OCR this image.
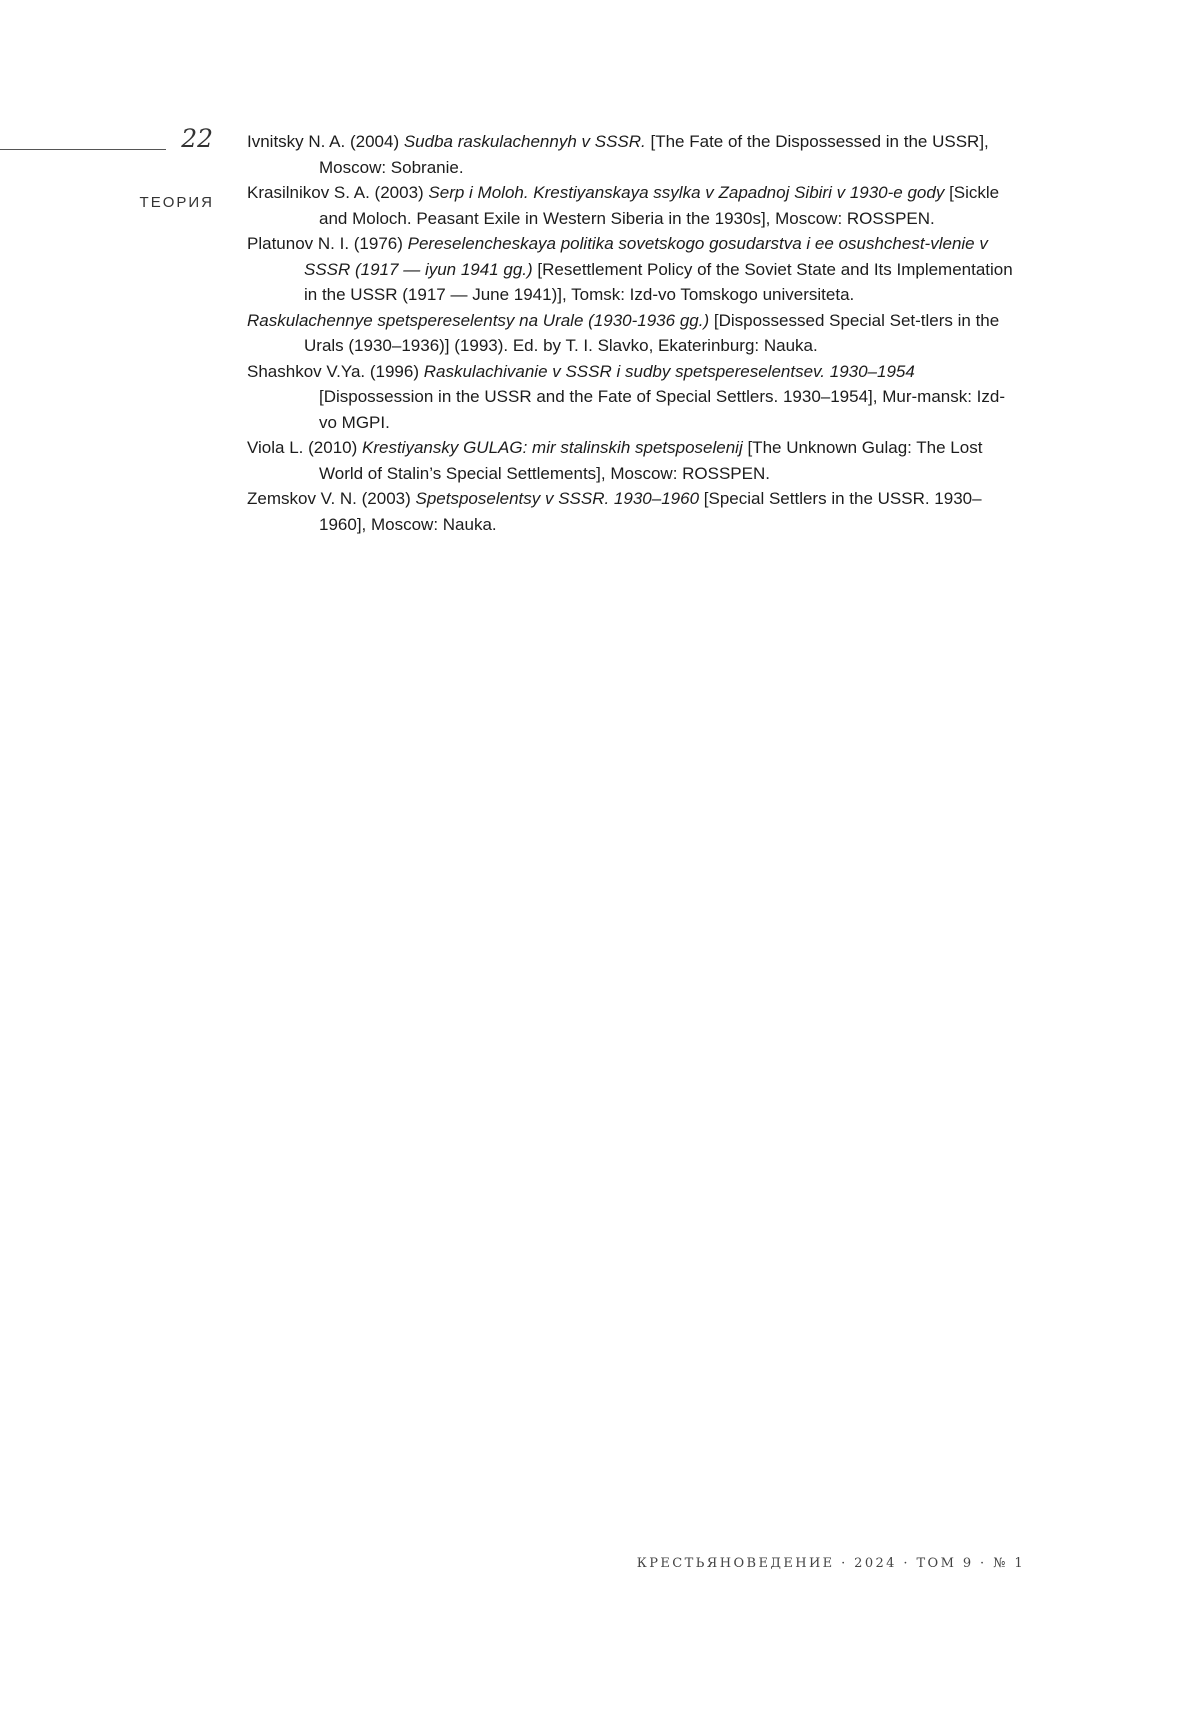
22
ТЕОРИЯ
Ivnitsky N. A. (2004) Sudba raskulachennyh v SSSR. [The Fate of the Dispossessed in the USSR], Moscow: Sobranie.
Krasilnikov S. A. (2003) Serp i Moloh. Krestiyanskaya ssylka v Zapadnoj Sibiri v 1930-e gody [Sickle and Moloch. Peasant Exile in Western Siberia in the 1930s], Moscow: ROSSPEN.
Platunov N. I. (1976) Pereselencheskaya politika sovetskogo gosudarstva i ee osushchest-vlenie v SSSR (1917 — iyun 1941 gg.) [Resettlement Policy of the Soviet State and Its Implementation in the USSR (1917 — June 1941)], Tomsk: Izd-vo Tomskogo universiteta.
Raskulachennye spetspereselentsy na Urale (1930-1936 gg.) [Dispossessed Special Set-tlers in the Urals (1930–1936)] (1993). Ed. by T. I. Slavko, Ekaterinburg: Nauka.
Shashkov V.Ya. (1996) Raskulachivanie v SSSR i sudby spetspereselentsev. 1930–1954 [Dispossession in the USSR and the Fate of Special Settlers. 1930–1954], Mur-mansk: Izd-vo MGPI.
Viola L. (2010) Krestiyansky GULAG: mir stalinskih spetsposelenij [The Unknown Gulag: The Lost World of Stalin’s Special Settlements], Moscow: ROSSPEN.
Zemskov V. N. (2003) Spetsposelentsy v SSSR. 1930–1960 [Special Settlers in the USSR. 1930–1960], Moscow: Nauka.
КРЕСТЬЯНОВЕДЕНИЕ · 2024 · ТОМ 9 · № 1
